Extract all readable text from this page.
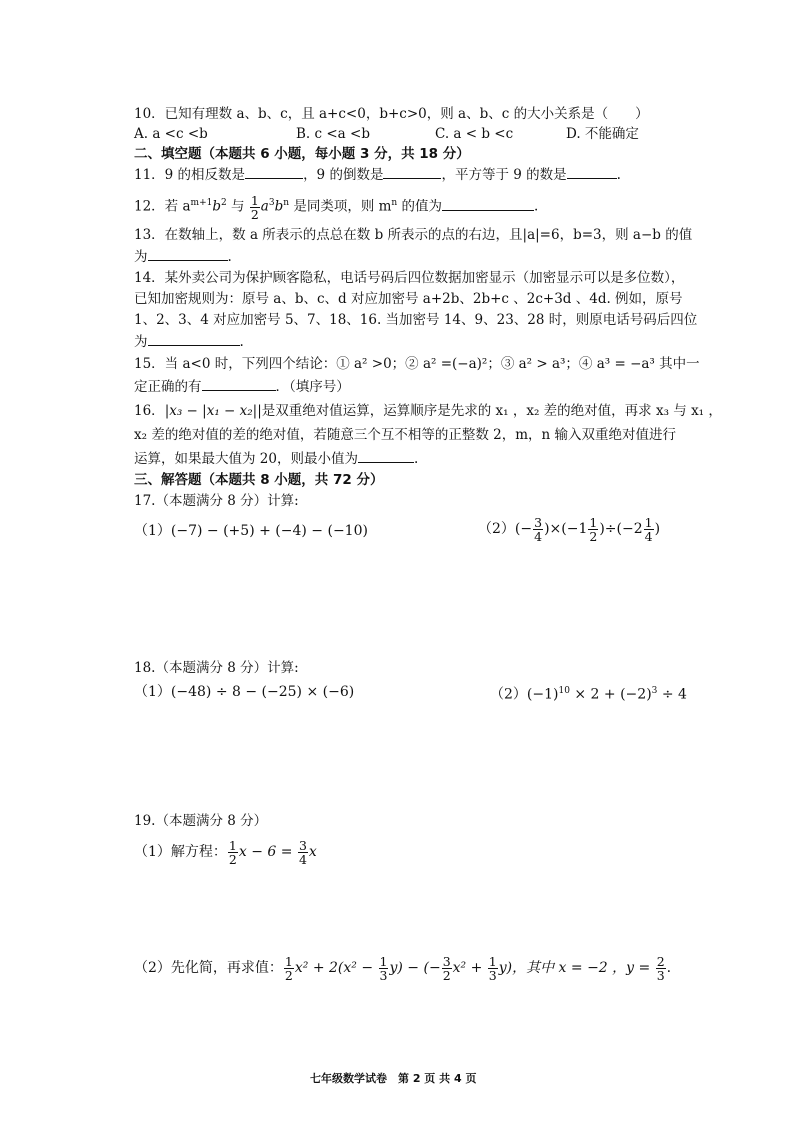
10．已知有理数 a、b、c，且 a+c<0，b+c>0，则 a、b、c 的大小关系是（　　）
A. a <c <b	B. c <a <b	C. a < b <c	D. 不能确定
二、填空题（本题共 6 小题，每小题 3 分，共 18 分）
11．9 的相反数是	，9 的倒数是	，平方等于 9 的数是	.
12．若 $a^{m+1}b^2$ 与 $\frac{1}{2} a^3b^n$ 是同类项，则 $m^n$ 的值为	.
13．在数轴上，数 a 所表示的点总在数 b 所表示的点的右边，且|a|=6，b=3，则 a−b 的值
为	.
14．某外卖公司为保护顾客隐私，电话号码后四位数据加密显示（加密显示可以是多位数），
已知加密规则为：原号 a、b、c、d 对应加密号 a+2b、2b+c 、2c+3d 、4d. 例如，原号
1、2、3、4 对应加密号 5、7、18、16. 当加密号 14、9、23、28 时，则原电话号码后四位
为	.
15．当 a<0 时，下列四个结论：① a² >0；② a² =(−a)²；③ a² > a³；④ a³ = −a³ 其中一
定正确的有	．（填序号）
16．|x₃ − |x₁ − x₂||是双重绝对值运算，运算顺序是先求的 x₁ ，x₂ 差的绝对值，再求 x₃ 与 x₁ ，
x₂ 差的绝对值的差的绝对值，若随意三个互不相等的正整数 2，m，n 输入双重绝对值进行
运算，如果最大值为 20，则最小值为	.
三、解答题（本题共 8 小题，共 72 分）
17.（本题满分 8 分）计算:
（1）(−7) − (+5) + (−4) − (−10)	$(2)(- \frac{3}{4} )\times(-1 \frac{1}{2} )\div(-2 \frac{1}{4}$ )
18.（本题满分 8 分）计算:
（1）(−48) ÷ 8 − (−25) × (−6)	$(2)(-1)^{10} \times 2 + (-2)^3 \div 4$
19.（本题满分 8 分）
（1）解方程： $\frac{1}{2}$ $x - 6 = \frac{3}{4}$ x
（2）先化简，再求值： $\frac{1}{2} x^2 + 2(x^2 - \frac{1}{3} y)$ − (− $\frac{3}{2} x^2 + \frac{1}{3} y$)，其中 x = −2 ，$y = \frac{2}{3}$ .
七年级数学试卷　第 2 页 共 4 页
